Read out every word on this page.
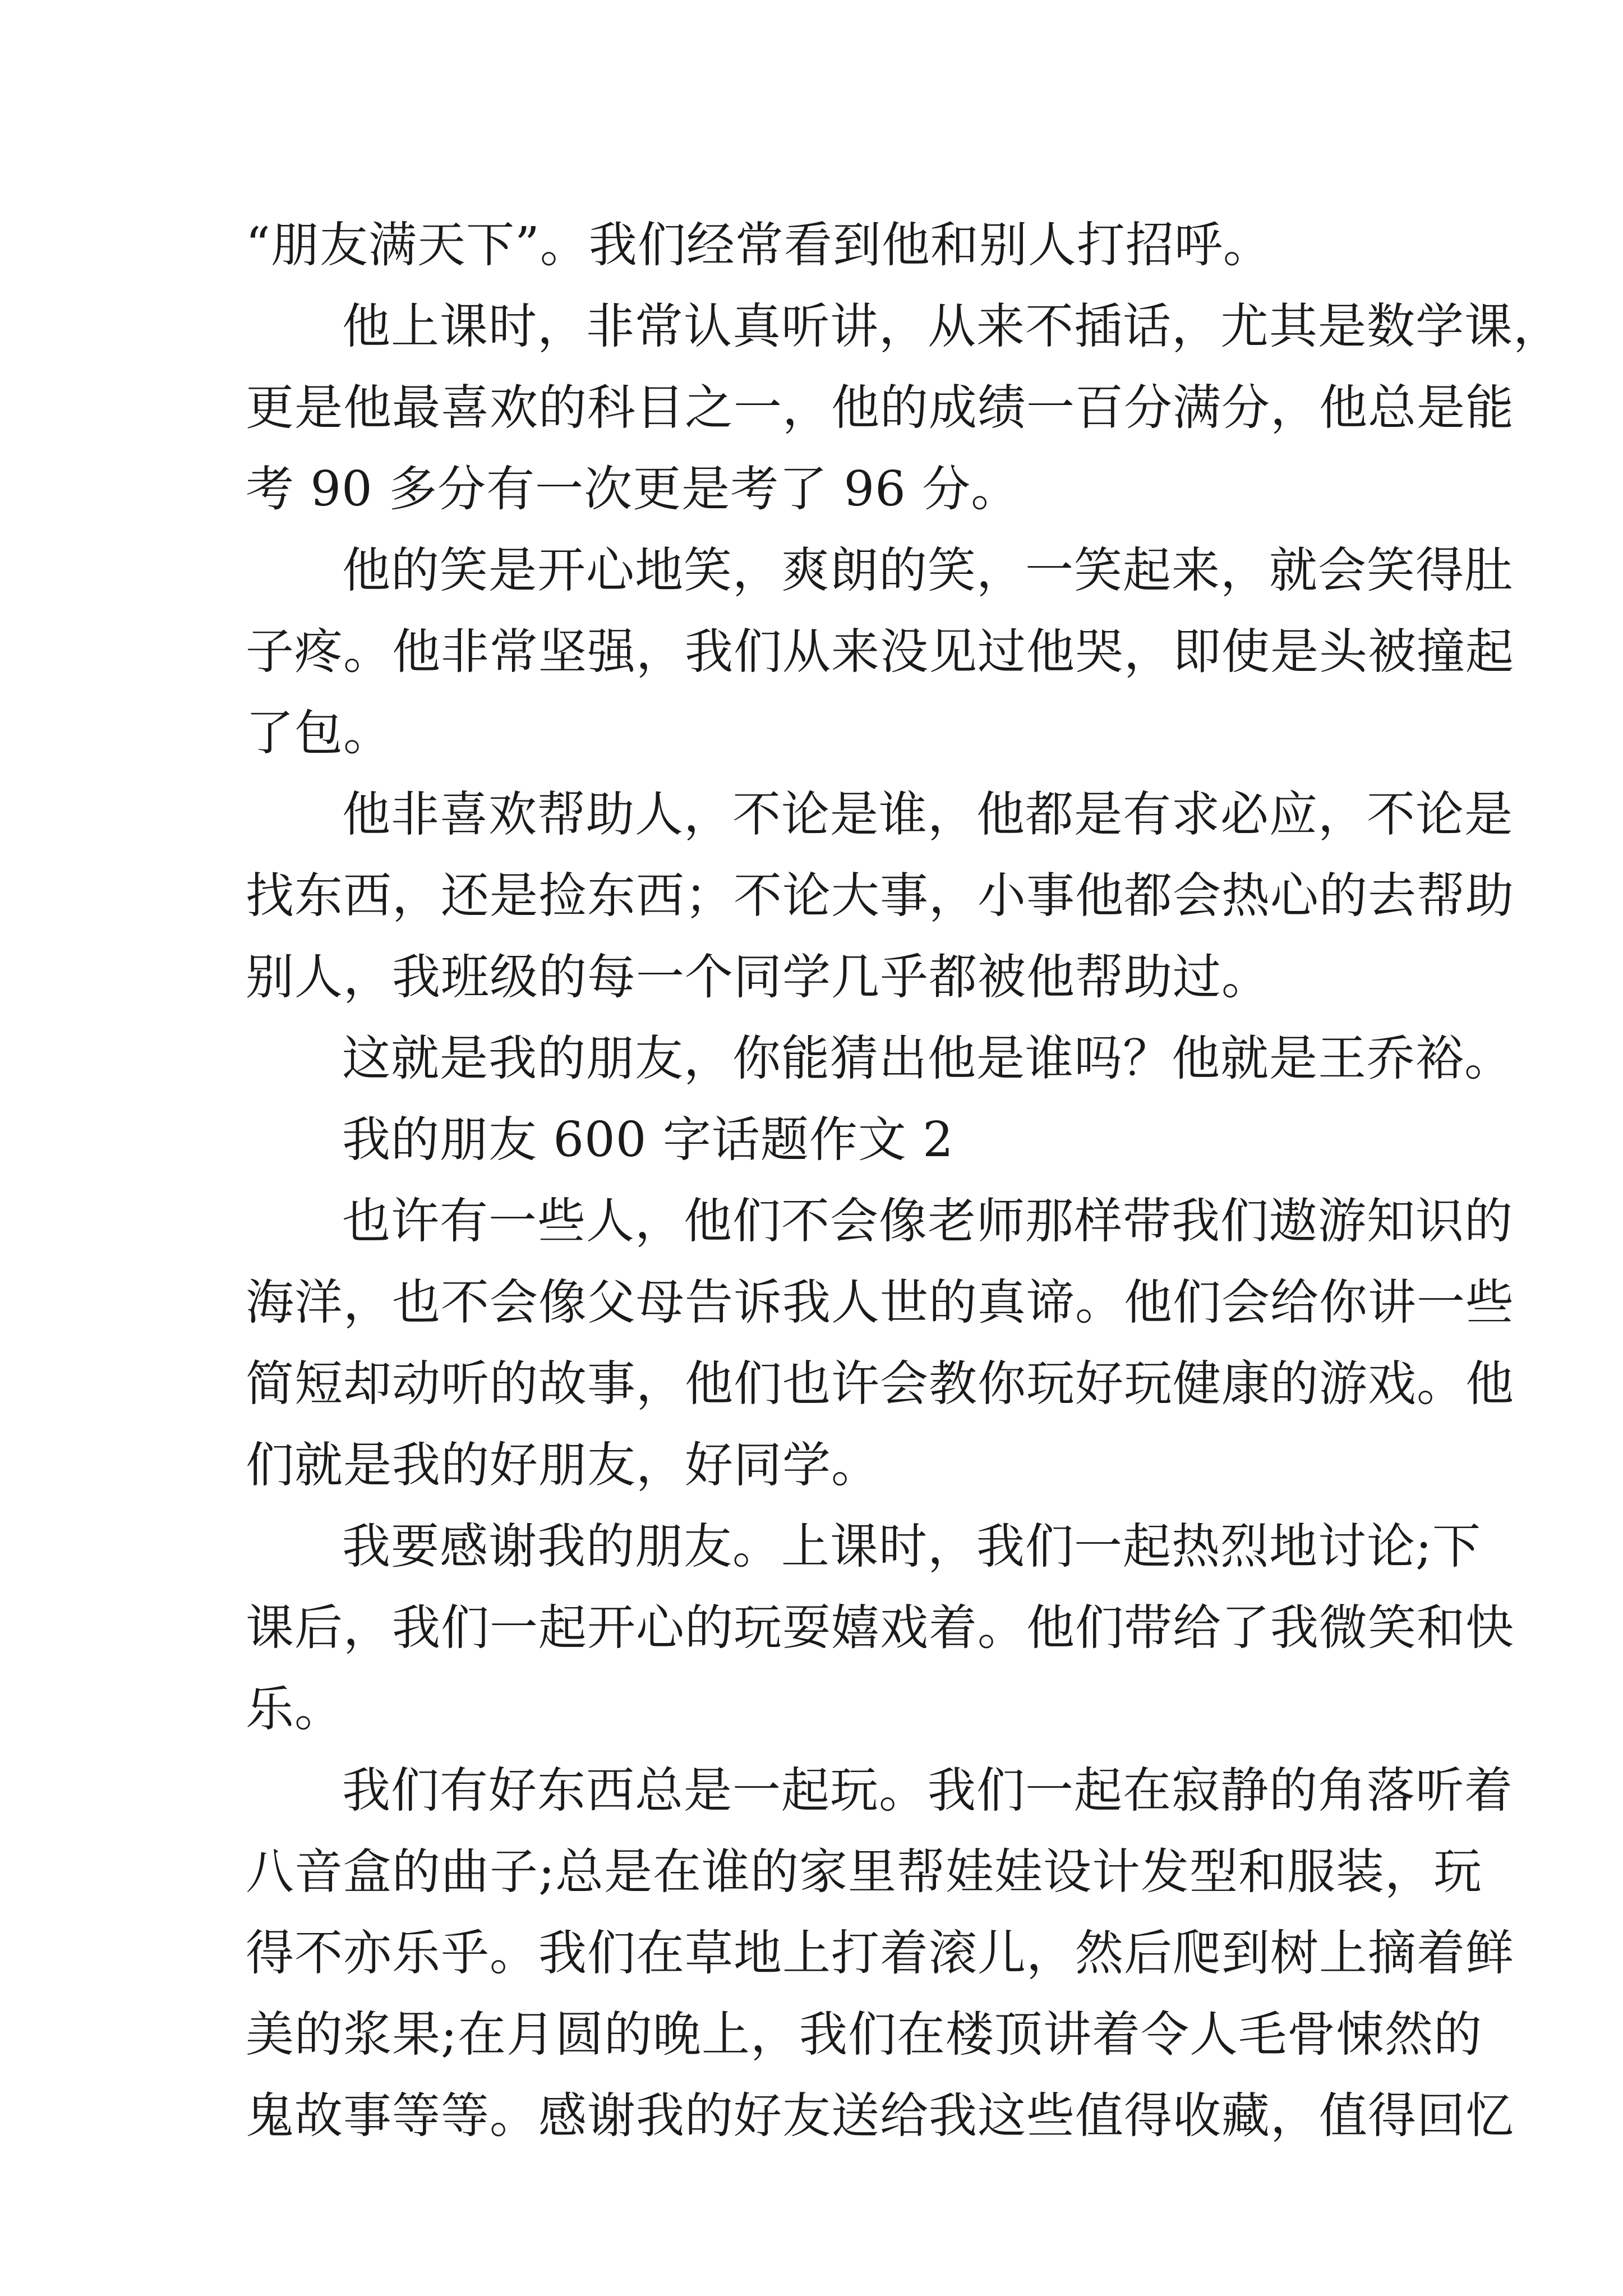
“朋友满天下”。我们经常看到他和别人打招呼。
他上课时，非常认真听讲，从来不插话，尤其是数学课，
更是他最喜欢的科目之一，他的成绩一百分满分，他总是能
考 90 多分有一次更是考了 96 分。
他的笑是开心地笑，爽朗的笑，一笑起来，就会笑得肚
子疼。他非常坚强，我们从来没见过他哭，即使是头被撞起
了包。
他非喜欢帮助人，不论是谁，他都是有求必应，不论是
找东西，还是捡东西；不论大事，小事他都会热心的去帮助
别人，我班级的每一个同学几乎都被他帮助过。
这就是我的朋友，你能猜出他是谁吗？他就是王乔裕。
我的朋友 600 字话题作文 2
也许有一些人，他们不会像老师那样带我们遨游知识的
海洋，也不会像父母告诉我人世的真谛。他们会给你讲一些
简短却动听的故事，他们也许会教你玩好玩健康的游戏。他
们就是我的好朋友，好同学。
我要感谢我的朋友。上课时，我们一起热烈地讨论;下
课后，我们一起开心的玩耍嬉戏着。他们带给了我微笑和快
乐。
我们有好东西总是一起玩。我们一起在寂静的角落听着
八音盒的曲子;总是在谁的家里帮娃娃设计发型和服装，玩
得不亦乐乎。我们在草地上打着滚儿，然后爬到树上摘着鲜
美的浆果;在月圆的晚上，我们在楼顶讲着令人毛骨悚然的
鬼故事等等。感谢我的好友送给我这些值得收藏，值得回忆
